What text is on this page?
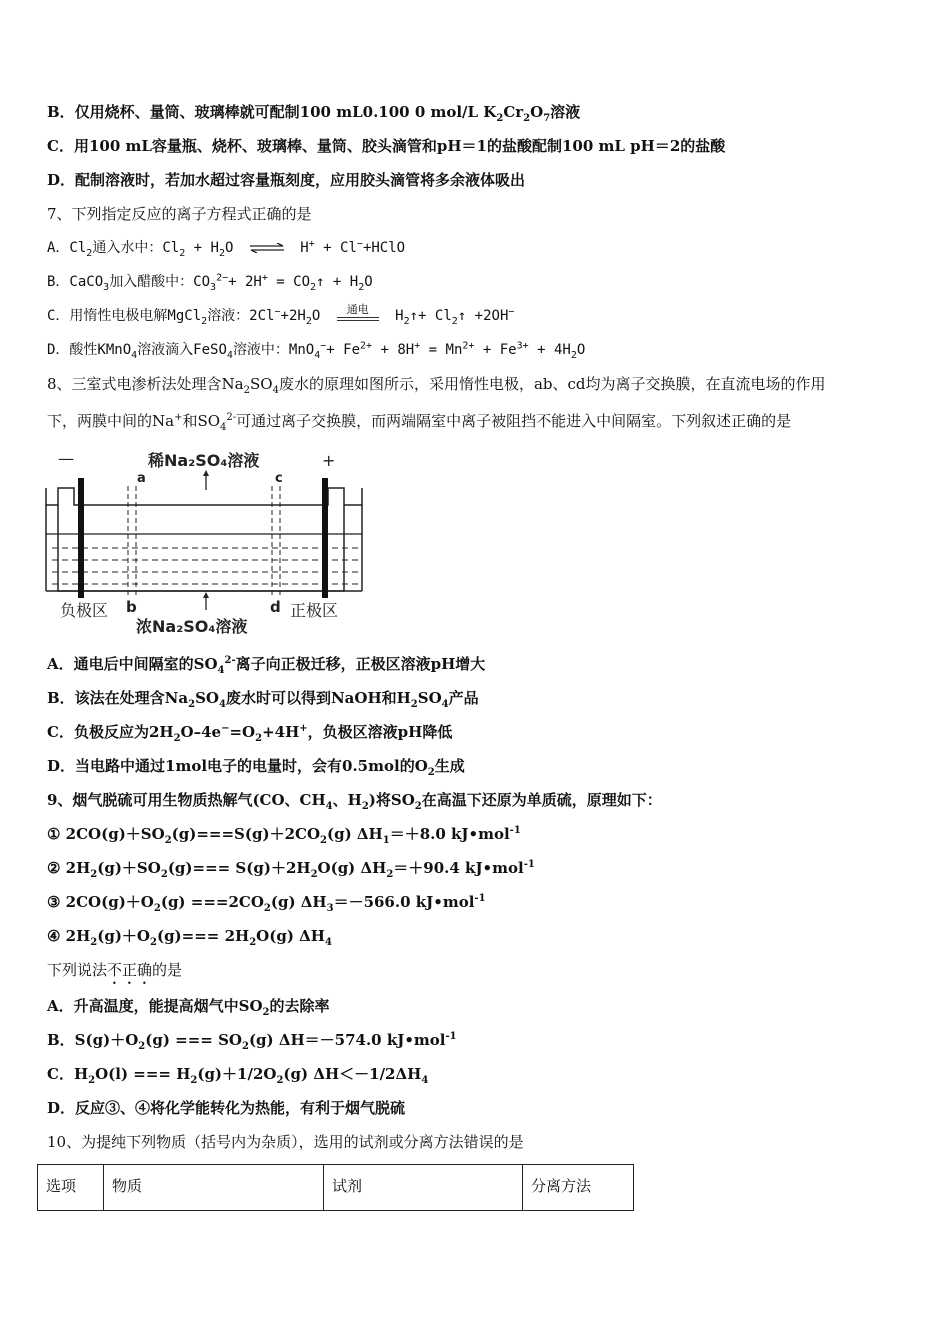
B．仅用烧杯、量筒、玻璃棒就可配制100 mL0.100 0 mol/L $K_2Cr_2O_7$溶液
C．用100 mL容量瓶、烧杯、玻璃棒、量筒、胶头滴管和pH＝1的盐酸配制100 mL pH＝2的盐酸
D．配制溶液时，若加水超过容量瓶刻度，应用胶头滴管将多余液体吸出
7、下列指定反应的离子方程式正确的是
A．$Cl_2$通入水中：$Cl_2 + H_2O$ ⇌ H+ + Cl−+HClO
B．CaCO$_3$加入醋酸中：$CO_3^{2-}+ 2H^+$ = $CO_2↑ + H_2O$
C．用惰性电极电解MgCl$_2$溶液：$2Cl^-+2H_2O$	通电	$H_2↑+$ $Cl_2↑ +2OH^-$
D．酸性KMnO$_4$溶液滴入FeSO$_4$溶液中：$MnO_4^-+ Fe^{2+} + 8H^+ = Mn^{2+} + Fe^{3+} + 4H_2O$
8、三室式电渗析法处理含$Na_2SO_4$废水的原理如图所示，采用惰性电极，ab、cd均为离子交换膜，在直流电场的作用
下，两膜中间的Na+和$SO_4^{2-}$可通过离子交换膜，而两端隔室中离子被阻挡不能进入中间隔室。下列叙述正确的是
—	+
稀Na₂SO₄溶液
a	c
负极区 b	d 正极区
浓Na₂SO₄溶液
A．通电后中间隔室的$SO_4^{2-}$离子向正极迁移，正极区溶液pH增大
B．该法在处理含$Na_2SO_4$废水时可以得到NaOH和$H_2SO_4$产品
C．负极反应为$2H_2O-4e^-=O_2+4H^+$，负极区溶液pH降低
D．当电路中通过1mol电子的电量时，会有0.5mol的$O_2$生成
9、烟气脱硫可用生物质热解气(CO、$CH_4$、$H_2$)将$SO_2$在高温下还原为单质硫，原理如下：
① $2CO(g)+SO_2(g)===S(g)+2CO_2(g)$ $\Delta H_1=+8.0$ kJ•mol$^{-1}$
② $2H_2(g)+SO_2(g)=== S(g)+2H_2O(g)$ $\Delta H_2=+90.4$ kJ•mol$^{-1}$
③ $2CO(g)+O_2(g) ===2CO_2(g)$ $\Delta H_3=-566.0$ kJ•mol$^{-1}$
④ $2H_2(g)+O_2(g)=== 2H_2O(g)$ $\Delta H_4$
下列说法不正确的是
A．升高温度，能提高烟气中$SO_2$的去除率
B．$S(g)+O_2(g)$ === $SO_2(g)$ ΔH＝－574.0 kJ•mol$^{-1}$
C．$H_2O(l)$ === $H_2(g)+1/2O_2(g)$ $\Delta H<-1/2\Delta H_4$
D．反应③、④将化学能转化为热能，有利于烟气脱硫
10、为提纯下列物质（括号内为杂质），选用的试剂或分离方法错误的是
选项	物质	试剂	分离方法
